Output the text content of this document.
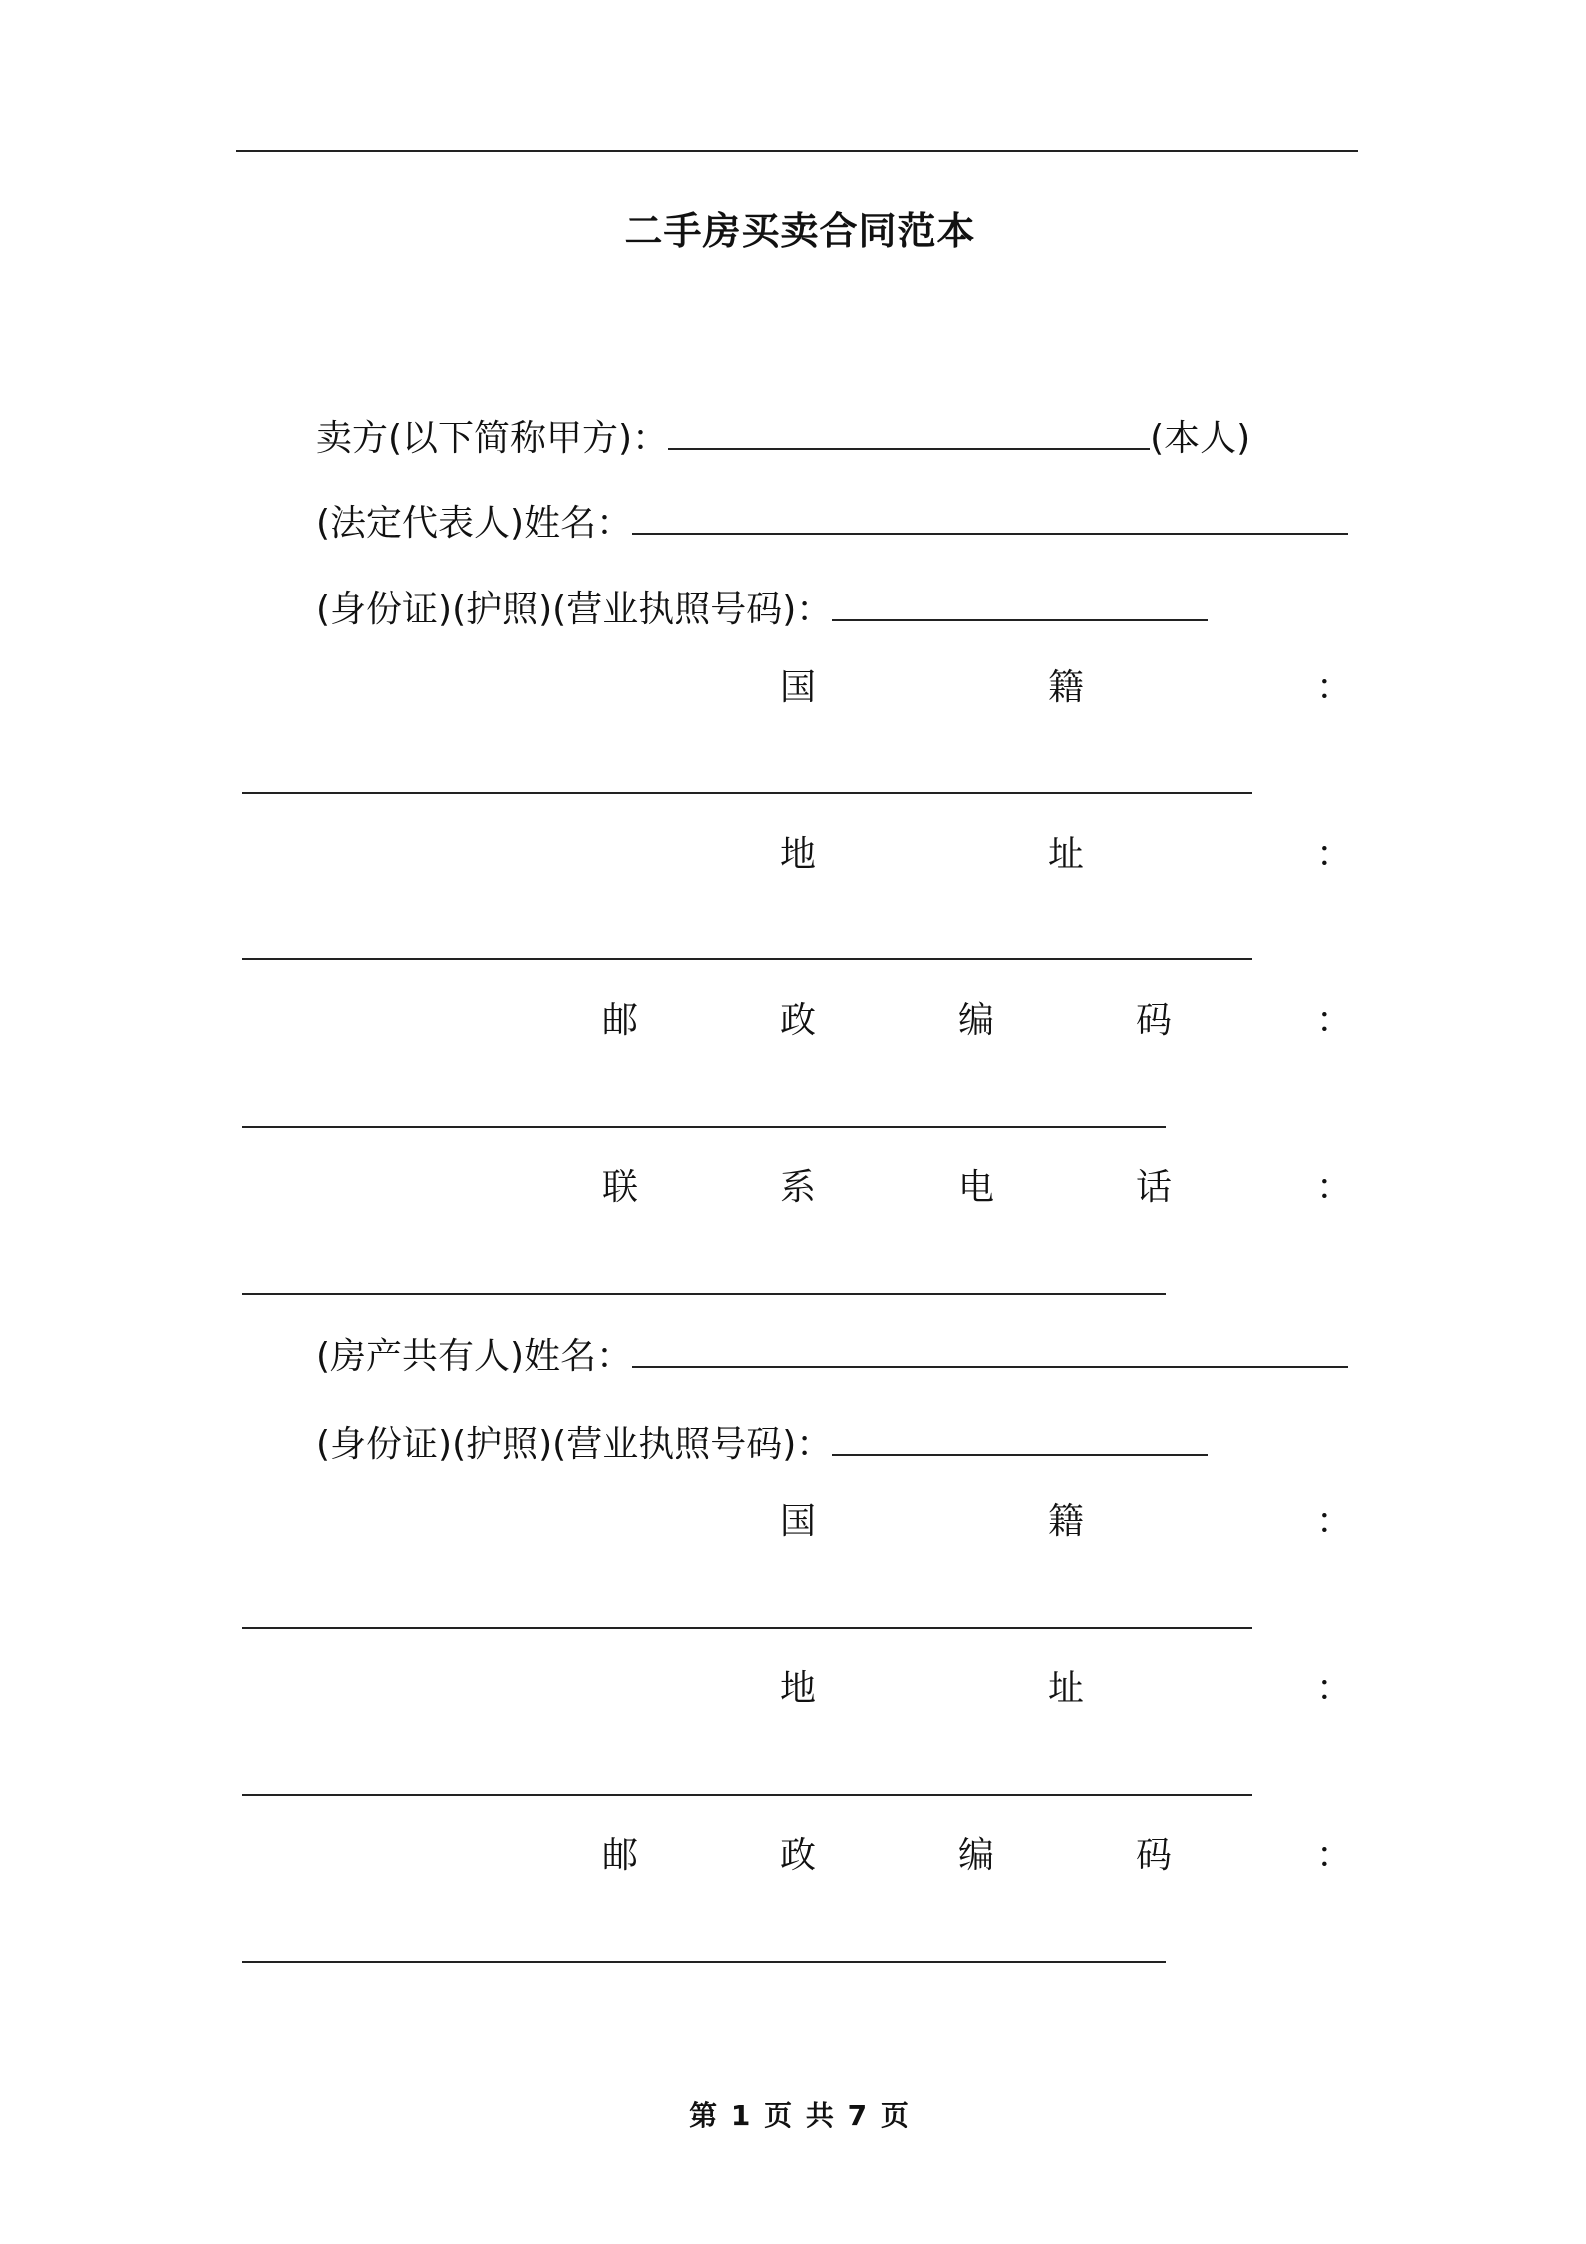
二手房买卖合同范本
卖方(以下简称甲方)：	(本人)
(法定代表人)姓名：
(身份证)(护照)(营业执照号码)：
国	籍	：
地	址	：
邮	政	编	码	：
联	系	电	话	：
(房产共有人)姓名：
(身份证)(护照)(营业执照号码)：
国	籍	：
地	址	：
邮	政	编	码	：
第 1 页 共 7 页
